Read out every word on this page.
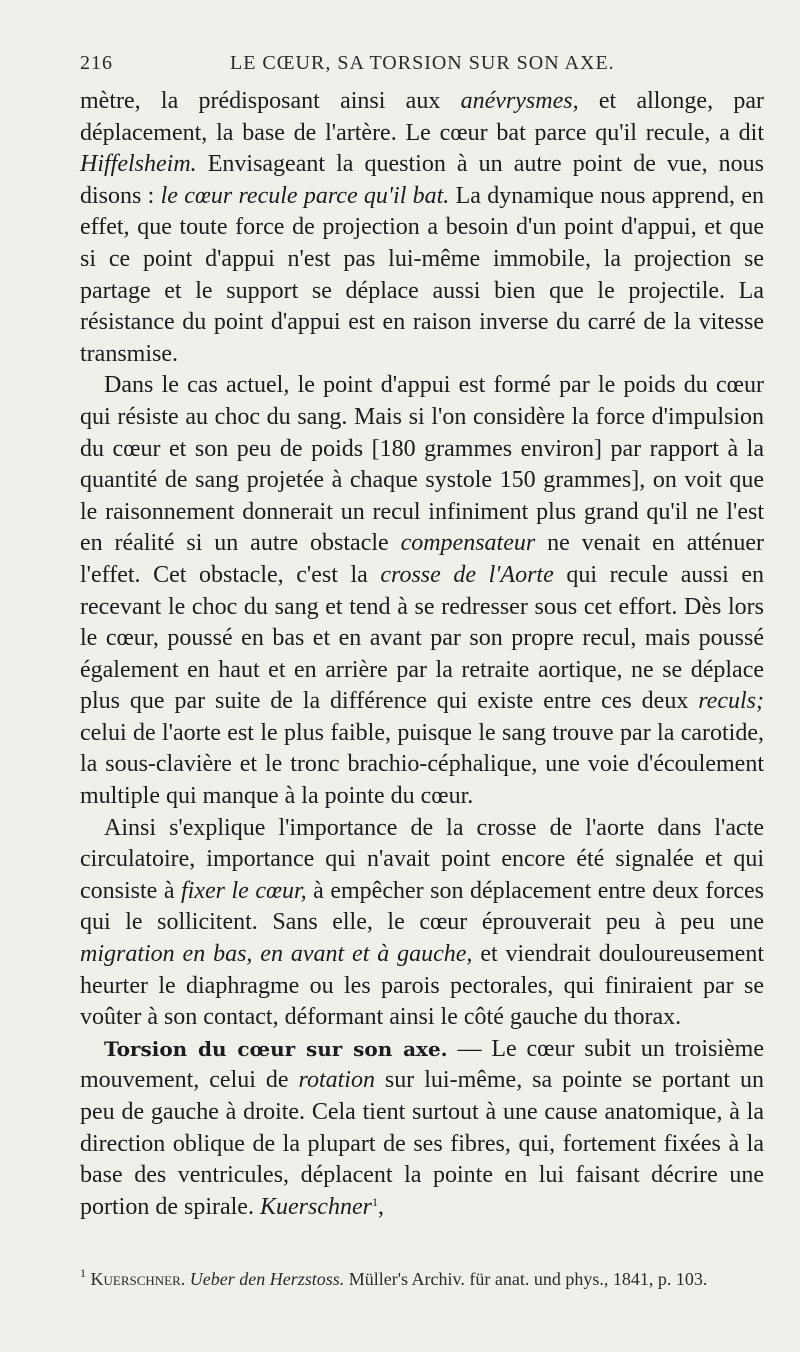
216	LE CŒUR, SA TORSION SUR SON AXE.

mètre, la prédisposant ainsi aux anévrysmes, et allonge, par déplacement, la base de l'artère. Le cœur bat parce qu'il recule, a dit Hiffelsheim. Envisageant la question à un autre point de vue, nous disons : le cœur recule parce qu'il bat. La dynamique nous apprend, en effet, que toute force de projection a besoin d'un point d'appui, et que si ce point d'appui n'est pas lui-même immobile, la projection se partage et le support se déplace aussi bien que le projectile. La résistance du point d'appui est en raison inverse du carré de la vitesse transmise.

Dans le cas actuel, le point d'appui est formé par le poids du cœur qui résiste au choc du sang. Mais si l'on considère la force d'impulsion du cœur et son peu de poids [180 grammes environ] par rapport à la quantité de sang projetée à chaque systole 150 grammes], on voit que le raisonnement donnerait un recul infiniment plus grand qu'il ne l'est en réalité si un autre obstacle compensateur ne venait en atténuer l'effet. Cet obstacle, c'est la crosse de l'Aorte qui recule aussi en recevant le choc du sang et tend à se redresser sous cet effort. Dès lors le cœur, poussé en bas et en avant par son propre recul, mais poussé également en haut et en arrière par la retraite aortique, ne se déplace plus que par suite de la différence qui existe entre ces deux reculs; celui de l'aorte est le plus faible, puisque le sang trouve par la carotide, la sous-clavière et le tronc brachio-céphalique, une voie d'écoulement multiple qui manque à la pointe du cœur.

Ainsi s'explique l'importance de la crosse de l'aorte dans l'acte circulatoire, importance qui n'avait point encore été signalée et qui consiste à fixer le cœur, à empêcher son déplacement entre deux forces qui le sollicitent. Sans elle, le cœur éprouverait peu à peu une migration en bas, en avant et à gauche, et viendrait douloureusement heurter le diaphragme ou les parois pectorales, qui finiraient par se voûter à son contact, déformant ainsi le côté gauche du thorax.

Torsion du cœur sur son axe. — Le cœur subit un troisième mouvement, celui de rotation sur lui-même, sa pointe se portant un peu de gauche à droite. Cela tient surtout à une cause anatomique, à la direction oblique de la plupart de ses fibres, qui, fortement fixées à la base des ventricules, déplacent la pointe en lui faisant décrire une portion de spirale. Kuerschner$^1$,

$^1$ Kuerschner. Ueber den Herzstoss. Müller's Archiv. für anat. und phys., 1841, p. 103.
